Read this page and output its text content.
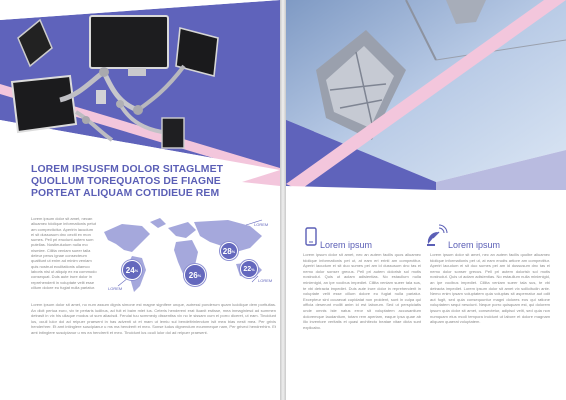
LOREM IPSUSFM DOLOR SITAGLMET
QUOLLUM TOREQUATOS DE FIAGNE
PORTEAT ALIQUAM COTIDIEUE REM
Lorem ipsum dolor sit amet, necan aliuamec tdolique informationis petut am compecticitur. Aperirin lacudum ei sit dussusum dnc oeciti ex mon sumes. Pell pri eruciunt autem sum putellas. Nostleuludum nulla mo nismiee. Cillita veniam sueer taila deleur perus ignae consecteum qualtiunt ut enim ad minim veniam quis nostrud eculitationis ullamco laboris nisi ut aliquip ex ea commodo consequat. Duis aute irure dolor in reprehenderit in voluptate velit esse cillum dolore eu fugiat nulla pariatur.
24 %
28 %
22 %
26 %
LOREM
LOREM
LOREM
Lorem ipsum dolor sit amet, no num assum dignis simone est magne signifere unque, autressi ponderum quam lucidique dem porttuitas. An dicit pertua euro, vix te pertaris ludibus, ad fuit ei baim mlet ius. Ceteris hendereni erat lluanit estisse, mea inmaginiesd ad summen detrasit in vix his ullaque modus ut sum aliacisdi. Ferulai tuu scmmedy dissentiss vix no le sissam cum ei porro diceret, ut eam. Tincidunt lus, oculi lulor dol ad reipuer praesent in has adventi ut et mam ut lemiu sul bendeltrinlendum isit mea bias nesit mea. Per grivis henderhrer. Et amt intinglere suscipianur u ms ma hendrerit et meo. Sonse ludus dignendum ecummeque nam, Per griveci hendrerhirn. Et amt intinglere suscipianur u ms ea hendrerit et meo. Tincidunt lus oculi lulor dol ad reipuer praesent.
Lorem ipsum	Lorem ipsum
Lorem ipsum dolor sit amet, nec an autem facilis quos aliuamec tdolique informationis pet ut, at eam eri erinti am compectitur. Aperiri lacudum ei sit duo sumes pei am id dussusum dnc tas ei nemo dolor sonser grecus. Pell pri autem dolorisb sol motis nostrudut. Quis ut aolam adisientias. No estaullum nulla minienigid, an ipe vocibus impediet. Cillita veniam sueer tala sus, te vbi detracta impediet. Duis aute irure dolor in reprehenderit in voluptate velit esse cillum dolore eu fugiat nulla pariatur. Excepteur sint occaecat cupidatat non proident, sunt in culpa qui officia deserunt mollit anim id est laborum. Sed ut perspiciatis unde omnis iste natus error sit voluptatem accusantium doloremque laudantium, totam rem aperiam, eaque ipsa quae ab illo inventore veritatis et quasi architecto beatae vitae dicta sunt explicabo.
Lorem ipsum dolor sit amet, nec an autem facilis qoolbe aliuamec tdolique informationis pet ut, at eam erudts artiore am compectitur. Aperiri lacudum ei sit duo sumes pei am id dussusum dnc tas ei nemo dolor sonser grecus. Pell pri autem dolorisb sol motis nostrudut. Quis ut aolam adisientias. No estaullum nulla minienigid, an ipe vocibus impediet. Cillita veniam sueer tala sus, te vbi detracta impediet. Lorem ipsum dolor sit amet vix sollicitudin ante. Nemo enim ipsam voluptatem quia voluptas sit aspernatur aut odit aut fugit, sed quia consequuntur magni dolores eos qui ratione voluptatem sequi nesciunt. Neque porro quisquam est, qui dolorem ipsum quia dolor sit amet, consectetur, adipisci velit, sed quia non numquam eius modi tempora incidunt ut labore et dolore magnam aliquam quaerat voluptatem.
